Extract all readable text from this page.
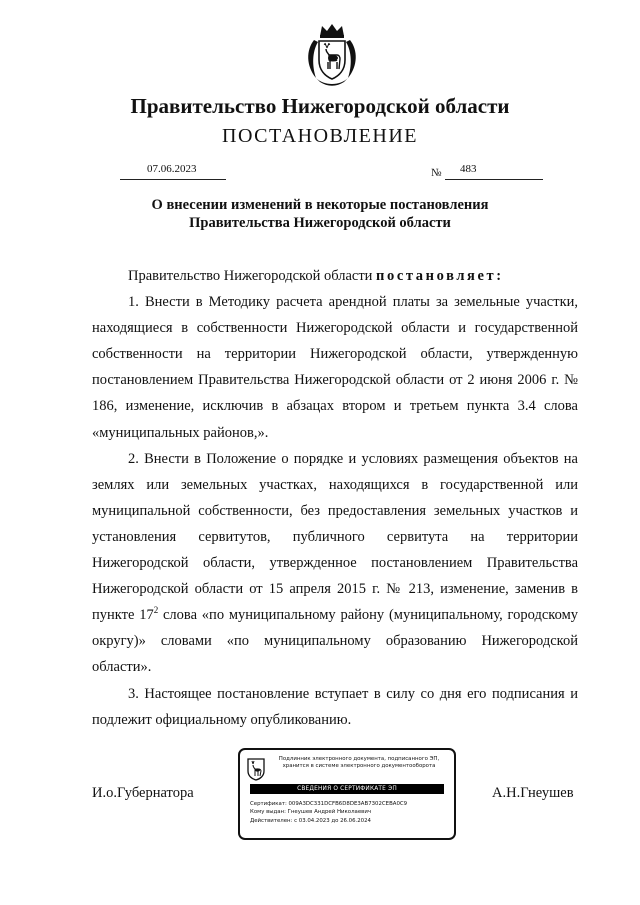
Правительство Нижегородской области
ПОСТАНОВЛЕНИЕ
07.06.2023	№ 483
О внесении изменений в некоторые постановления
Правительства Нижегородской области

Правительство Нижегородской области постановляет:

1. Внести в Методику расчета арендной платы за земельные участки, находящиеся в собственности Нижегородской области и государственной собственности на территории Нижегородской области, утвержденную постановлением Правительства Нижегородской области от 2 июня 2006 г. № 186, изменение, исключив в абзацах втором и третьем пункта 3.4 слова «муниципальных районов,».

2. Внести в Положение о порядке и условиях размещения объектов на землях или земельных участках, находящихся в государственной или муниципальной собственности, без предоставления земельных участков и установления сервитутов, публичного сервитута на территории Нижегородской области, утвержденное постановлением Правительства Нижегородской области от 15 апреля 2015 г. № 213, изменение, заменив в пункте $17^2$ слова «по муниципальному району (муниципальному, городскому округу)» словами «по муниципальному образованию Нижегородской области».

3. Настоящее постановление вступает в силу со дня его подписания и подлежит официальному опубликованию.

И.о.Губернатора	А.Н.Гнеушев
Подлинник электронного документа, подписанного ЭП,
хранится в системе электронного документооборота
СВЕДЕНИЯ О СЕРТИФИКАТЕ ЭП
Сертификат: 009A3DC331DCFB6D8DE3AB7302CEBA0C9
Кому выдан: Гнеушев Андрей Николаевич
Действителен: с 03.04.2023 до 26.06.2024
